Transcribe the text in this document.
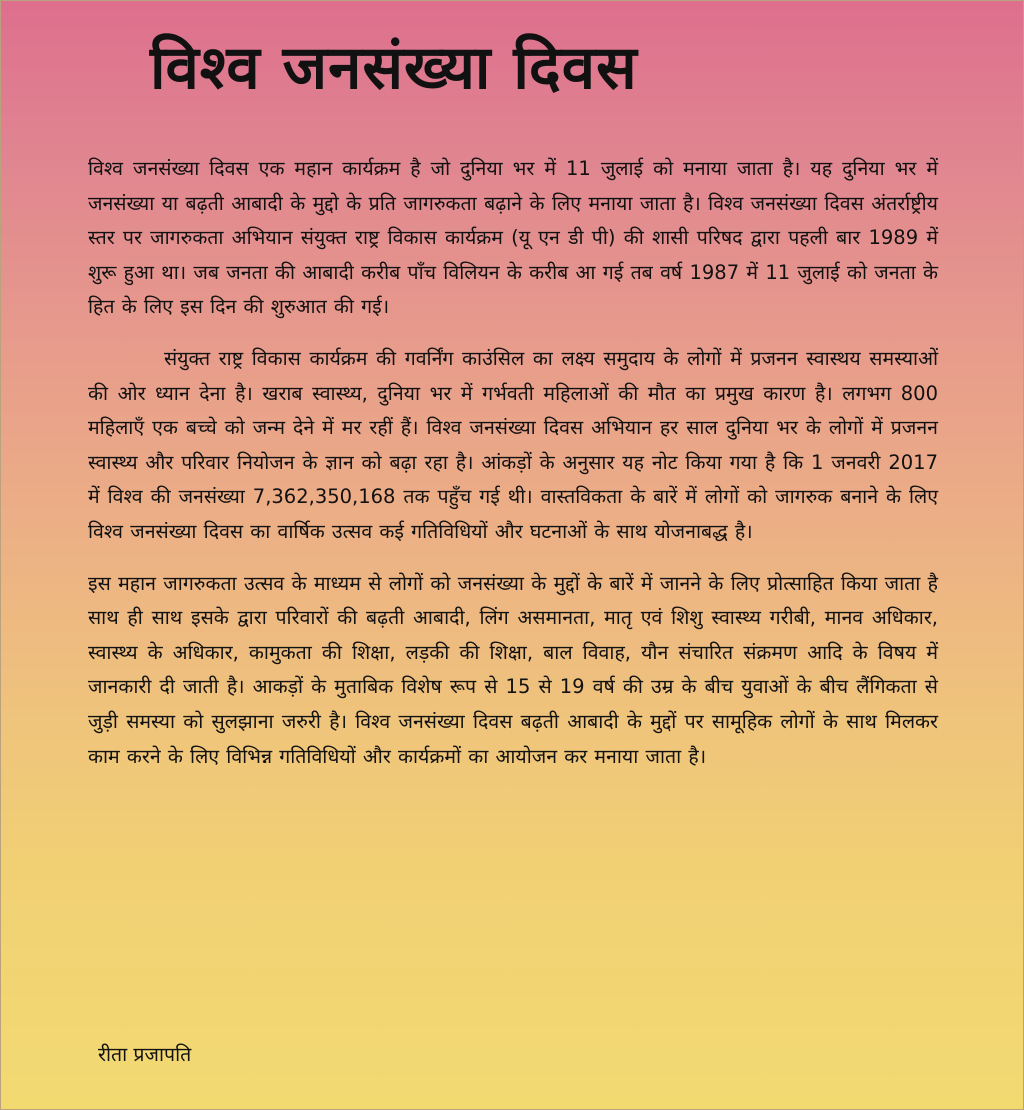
विश्व जनसंख्या दिवस

विश्व जनसंख्या दिवस एक महान कार्यक्रम है जो दुनिया भर में 11 जुलाई को मनाया जाता है। यह दुनिया भर में जनसंख्या या बढ़ती आबादी के मुद्दो के प्रति जागरुकता बढ़ाने के लिए मनाया जाता है। विश्व जनसंख्या दिवस अंतर्राष्ट्रीय स्तर पर जागरुकता अभियान संयुक्त राष्ट्र विकास कार्यक्रम (यू एन डी पी) की शासी परिषद द्वारा पहली बार 1989 में शुरू हुआ था। जब जनता की आबादी करीब पाँच विलियन के करीब आ गई तब वर्ष 1987 में 11 जुलाई को जनता के हित के लिए इस दिन की शुरुआत की गई।

संयुक्त राष्ट्र विकास कार्यक्रम की गवर्निंग काउंसिल का लक्ष्य समुदाय के लोगों में प्रजनन स्वास्थय समस्याओं की ओर ध्यान देना है। खराब स्वास्थ्य, दुनिया भर में गर्भवती महिलाओं की मौत का प्रमुख कारण है। लगभग 800 महिलाएँ एक बच्चे को जन्म देने में मर रहीं हैं। विश्व जनसंख्या दिवस अभियान हर साल दुनिया भर के लोगों में प्रजनन स्वास्थ्य और परिवार नियोजन के ज्ञान को बढ़ा रहा है। आंकड़ों के अनुसार यह नोट किया गया है कि 1 जनवरी 2017 में विश्व की जनसंख्या 7,362,350,168 तक पहुँच गई थी। वास्तविकता के बारें में लोगों को जागरुक बनाने के लिए विश्व जनसंख्या दिवस का वार्षिक उत्सव कई गतिविधियों और घटनाओं के साथ योजनाबद्ध है।

इस महान जागरुकता उत्सव के माध्यम से लोगों को जनसंख्या के मुद्दों के बारें में जानने के लिए प्रोत्साहित किया जाता है साथ ही साथ इसके द्वारा परिवारों की बढ़ती आबादी, लिंग असमानता, मातृ एवं शिशु स्वास्थ्य गरीबी, मानव अधिकार, स्वास्थ्य के अधिकार, कामुकता की शिक्षा, लड़की की शिक्षा, बाल विवाह, यौन संचारित संक्रमण आदि के विषय में जानकारी दी जाती है। आकड़ों के मुताबिक विशेष रूप से 15 से 19 वर्ष की उम्र के बीच युवाओं के बीच लैंगिकता से जुड़ी समस्या को सुलझाना जरुरी है। विश्व जनसंख्या दिवस बढ़ती आबादी के मुद्दों पर सामूहिक लोगों के साथ मिलकर काम करने के लिए विभिन्न गतिविधियों और कार्यक्रमों का आयोजन कर मनाया जाता है।

रीता प्रजापति
